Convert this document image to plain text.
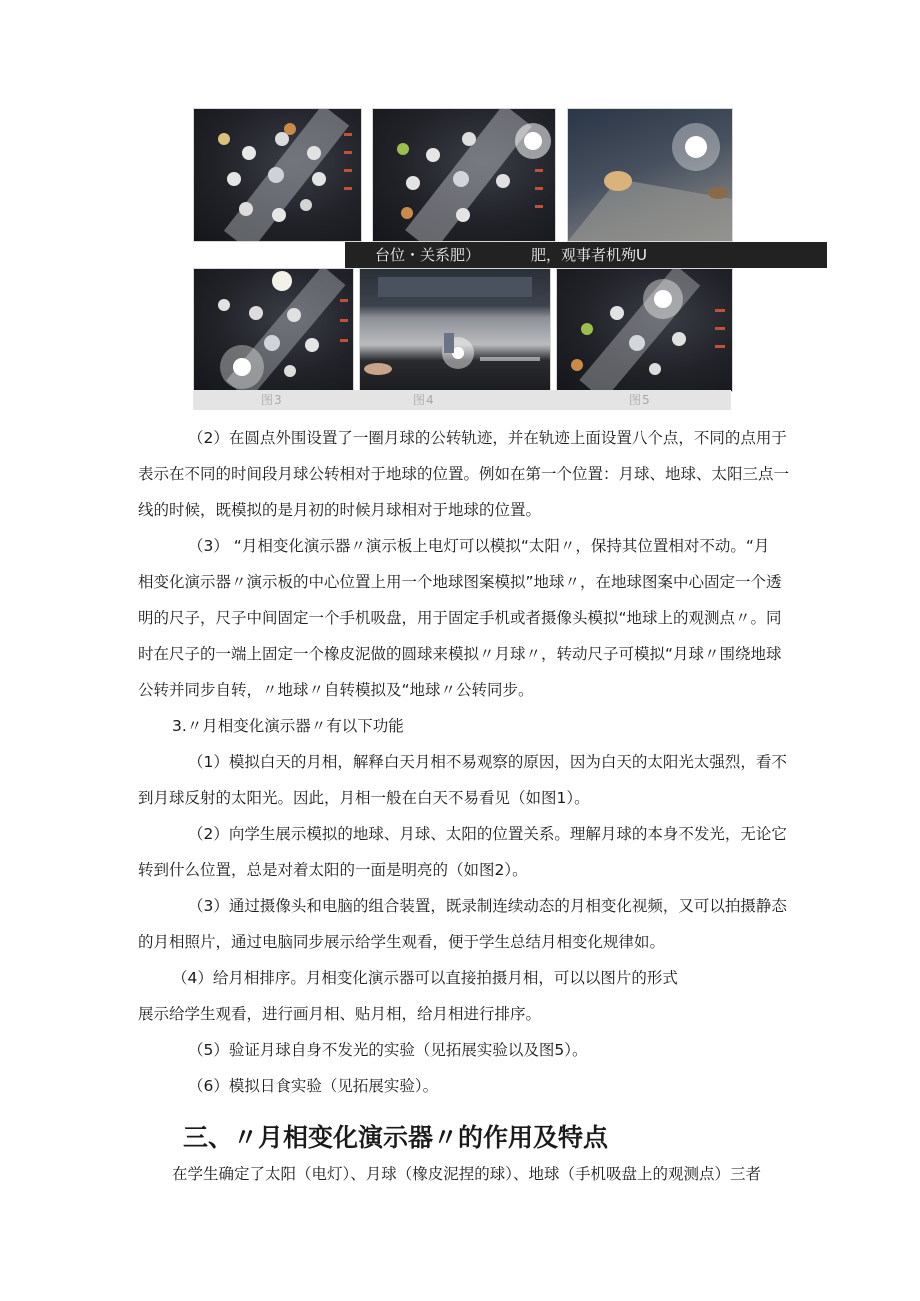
台位・关系肥）	肥，观事者机殉U
图3	图4	图5

（2）在圆点外围设置了一圈月球的公转轨迹，并在轨迹上面设置八个点，不同的点用于

表示在不同的时间段月球公转相对于地球的位置。例如在第一个位置：月球、地球、太阳三点一

线的时候，既模拟的是月初的时候月球相对于地球的位置。

（3） “月相变化演示器〃演示板上电灯可以模拟“太阳〃，保持其位置相对不动。“月

相变化演示器〃演示板的中心位置上用一个地球图案模拟”地球〃，在地球图案中心固定一个透

明的尺子，尺子中间固定一个手机吸盘，用于固定手机或者摄像头模拟“地球上的观测点〃。同

时在尺子的一端上固定一个橡皮泥做的圆球来模拟〃月球〃，转动尺子可模拟“月球〃围绕地球

公转并同步自转，〃地球〃自转模拟及“地球〃公转同步。

3.〃月相变化演示器〃有以下功能

（1）模拟白天的月相，解释白天月相不易观察的原因，因为白天的太阳光太强烈，看不

到月球反射的太阳光。因此，月相一般在白天不易看见（如图1）。

（2）向学生展示模拟的地球、月球、太阳的位置关系。理解月球的本身不发光，无论它

转到什么位置，总是对着太阳的一面是明亮的（如图2）。

（3）通过摄像头和电脑的组合装置，既录制连续动态的月相变化视频，又可以拍摄静态

的月相照片，通过电脑同步展示给学生观看，便于学生总结月相变化规律如。

（4）给月相排序。月相变化演示器可以直接拍摄月相，可以以图片的形式

展示给学生观看，进行画月相、贴月相，给月相进行排序。

（5）验证月球自身不发光的实验（见拓展实验以及图5）。

（6）模拟日食实验（见拓展实验）。

三、〃月相变化演示器〃的作用及特点

在学生确定了太阳（电灯）、月球（橡皮泥捏的球）、地球（手机吸盘上的观测点）三者
